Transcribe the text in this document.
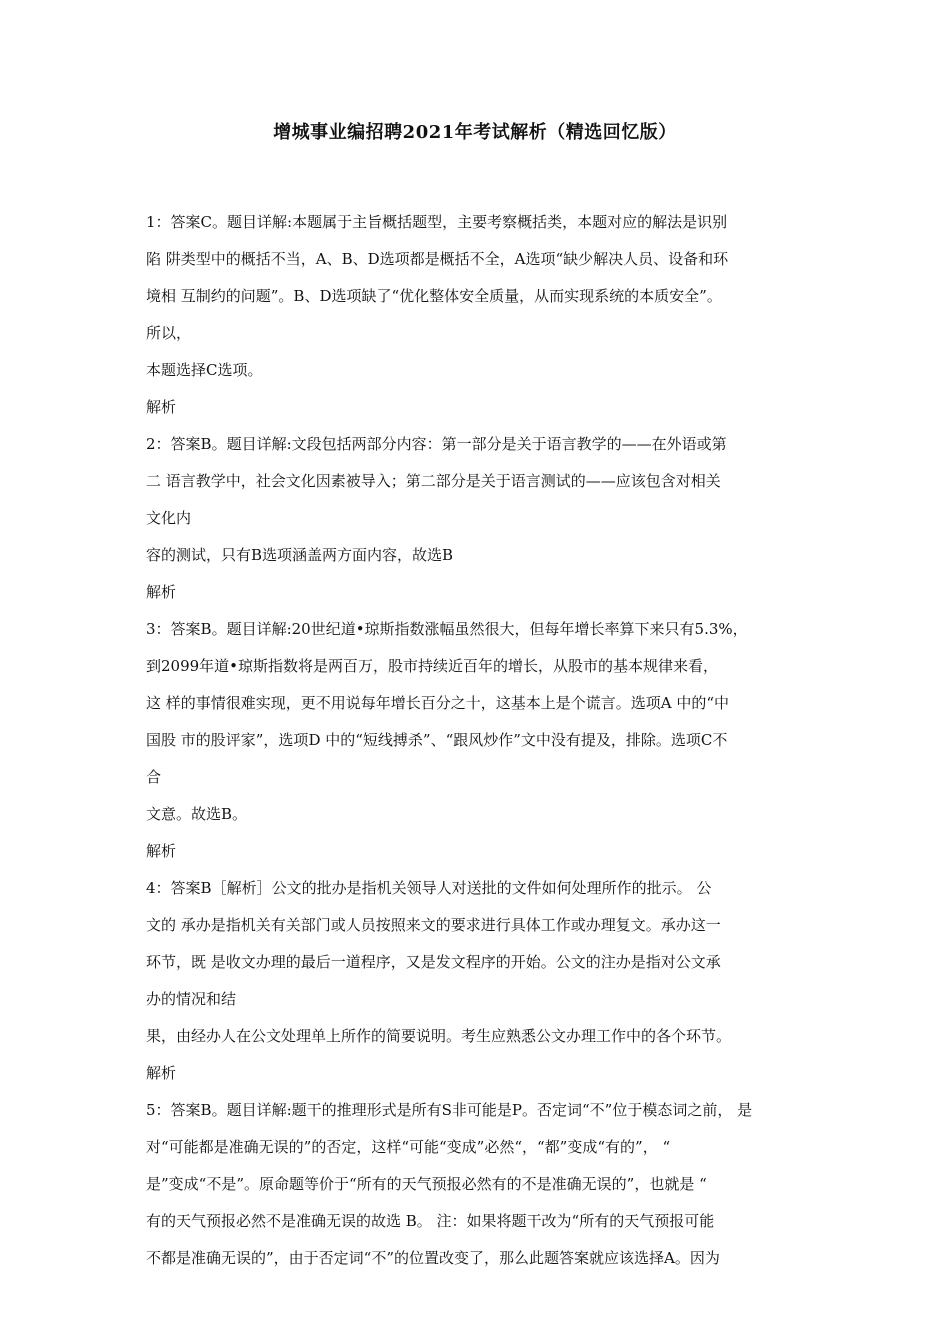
增城事业编招聘2021年考试解析（精选回忆版）
1：答案C。题目详解:本题属于主旨概括题型，主要考察概括类，本题对应的解法是识别
陷 阱类型中的概括不当，A、B、D选项都是概括不全，A选项“缺少解决人员、设备和环
境相 互制约的问题”。B、D选项缺了“优化整体安全质量，从而实现系统的本质安全”。
所以，
本题选择C选项。
解析
2：答案B。题目详解:文段包括两部分内容：第一部分是关于语言教学的——在外语或第
二 语言教学中，社会文化因素被导入；第二部分是关于语言测试的——应该包含对相关
文化内
容的测试，只有B选项涵盖两方面内容，故选B
解析
3：答案B。题目详解:20世纪道•琼斯指数涨幅虽然很大，但每年增长率算下来只有5.3%，
到2099年道•琼斯指数将是两百万，股市持续近百年的增长，从股市的基本规律来看，
这 样的事情很难实现，更不用说每年增长百分之十，这基本上是个谎言。选项A 中的“中
国股 市的股评家”，选项D 中的“短线搏杀”、“跟风炒作”文中没有提及，排除。选项C不
合
文意。故选B。
解析
4：答案B［解析］公文的批办是指机关领导人对送批的文件如何处理所作的批示。 公
文的 承办是指机关有关部门或人员按照来文的要求进行具体工作或办理复文。承办这一
环节，既 是收文办理的最后一道程序，又是发文程序的开始。公文的注办是指对公文承
办的情况和结
果，由经办人在公文处理单上所作的简要说明。考生应熟悉公文办理工作中的各个环节。
解析
5：答案B。题目详解:题干的推理形式是所有S非可能是P。否定词“不”位于模态词之前， 是
对“可能都是准确无误的”的否定，这样“可能“变成”必然“，“都”变成“有的”， “
是”变成“不是”。原命题等价于“所有的天气预报必然有的不是准确无误的”，也就是 “
有的天气预报必然不是准确无误的故选 B。 注：如果将题干改为“所有的天气预报可能
不都是准确无误的”，由于否定词“不”的位置改变了，那么此题答案就应该选择A。因为
